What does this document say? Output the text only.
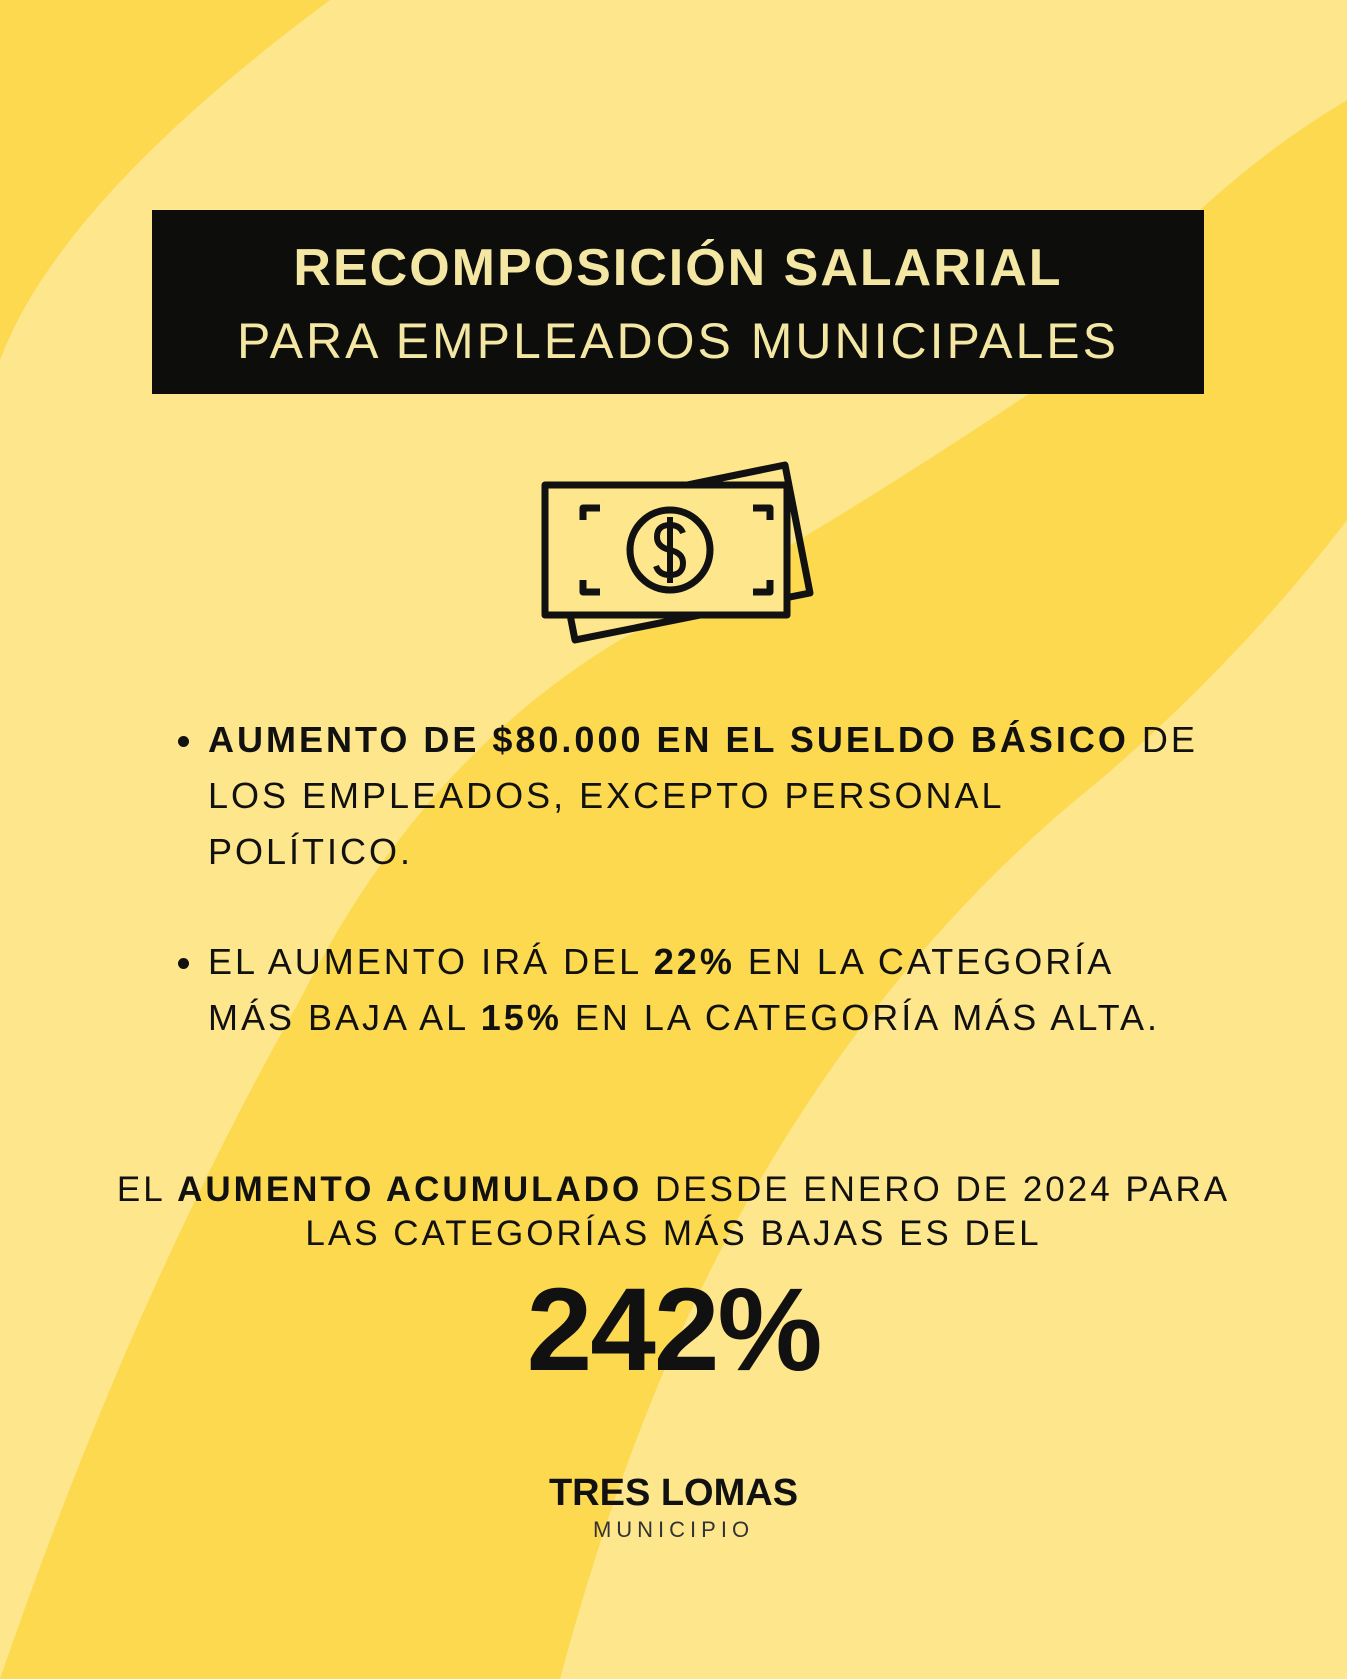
RECOMPOSICIÓN SALARIAL
PARA EMPLEADOS MUNICIPALES
AUMENTO DE $80.000 EN EL SUELDO BÁSICO DE LOS EMPLEADOS, EXCEPTO PERSONAL POLÍTICO.
EL AUMENTO IRÁ DEL 22% EN LA CATEGORÍA MÁS BAJA AL 15% EN LA CATEGORÍA MÁS ALTA.
EL AUMENTO ACUMULADO DESDE ENERO DE 2024 PARA LAS CATEGORÍAS MÁS BAJAS ES DEL
242%
TRES LOMAS
MUNICIPIO
